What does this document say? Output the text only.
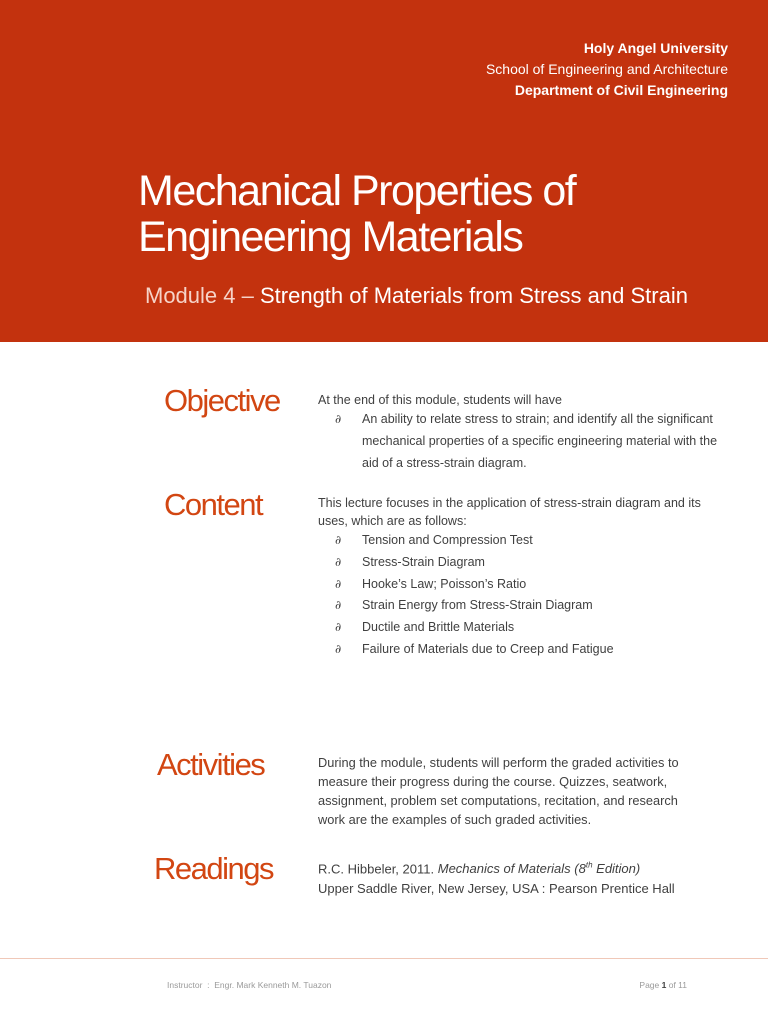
Holy Angel University
School of Engineering and Architecture
Department of Civil Engineering
Mechanical Properties of
Engineering Materials
Module 4 – Strength of Materials from Stress and Strain
Objective	At the end of this module, students will have
∂ An ability to relate stress to strain; and identify all the significant mechanical properties of a specific engineering material with the aid of a stress-strain diagram.
Content	This lecture focuses in the application of stress-strain diagram and its uses, which are as follows:
∂ Tension and Compression Test
∂ Stress-Strain Diagram
∂ Hooke’s Law; Poisson’s Ratio
∂ Strain Energy from Stress-Strain Diagram
∂ Ductile and Brittle Materials
∂ Failure of Materials due to Creep and Fatigue
Activities	During the module, students will perform the graded activities to measure their progress during the course. Quizzes, seatwork, assignment, problem set computations, recitation, and research work are the examples of such graded activities.
Readings	R.C. Hibbeler, 2011. Mechanics of Materials (8th Edition)
Upper Saddle River, New Jersey, USA : Pearson Prentice Hall
Instructor  :  Engr. Mark Kenneth M. Tuazon	Page 1 of 11
